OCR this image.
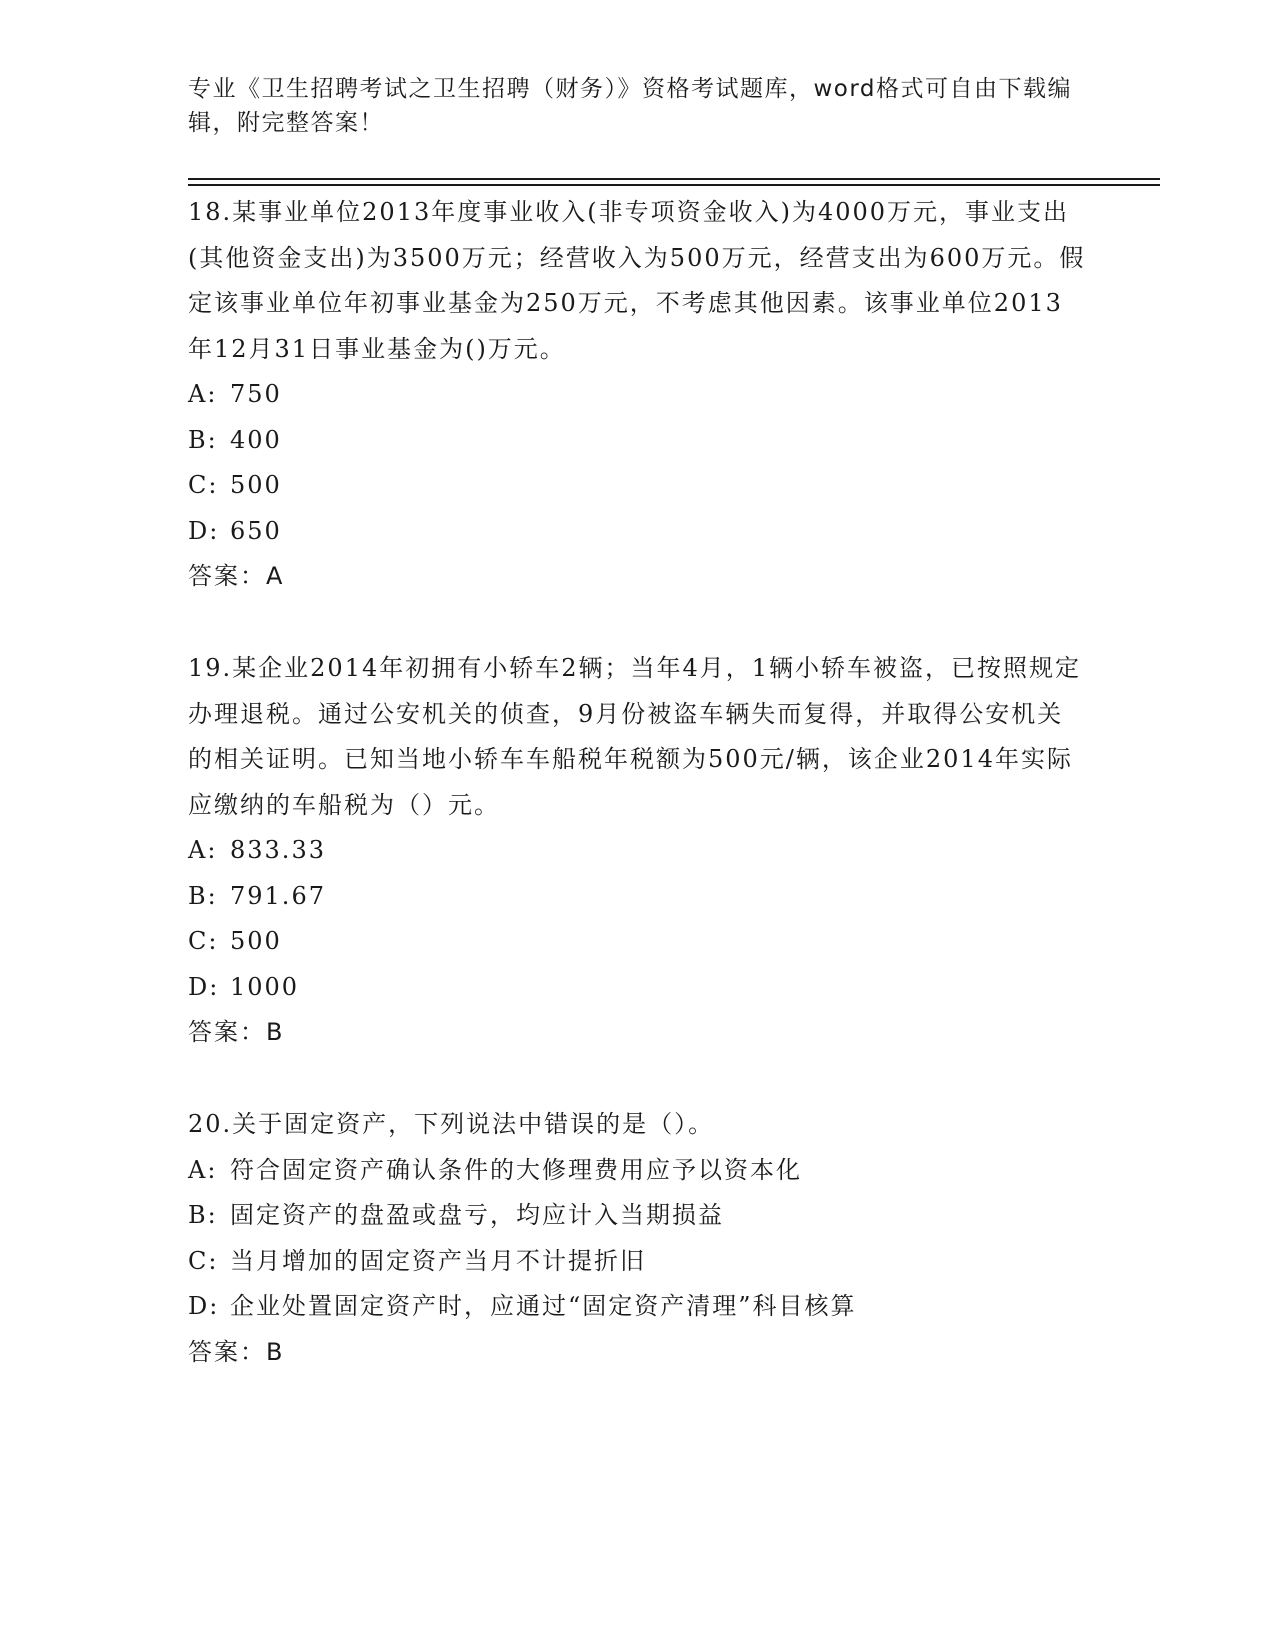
专业《卫生招聘考试之卫生招聘（财务）》资格考试题库，word格式可自由下载编辑，附完整答案！

18.某事业单位2013年度事业收入(非专项资金收入)为4000万元，事业支出(其他资金支出)为3500万元；经营收入为500万元，经营支出为600万元。假定该事业单位年初事业基金为250万元，不考虑其他因素。该事业单位2013年12月31日事业基金为()万元。

A: 750

B: 400

C: 500

D: 650

答案：A

19.某企业2014年初拥有小轿车2辆；当年4月，1辆小轿车被盗，已按照规定办理退税。通过公安机关的侦查，9月份被盗车辆失而复得，并取得公安机关的相关证明。已知当地小轿车车船税年税额为500元/辆，该企业2014年实际应缴纳的车船税为（）元。

A: 833.33

B: 791.67

C: 500

D: 1000

答案：B

20.关于固定资产，下列说法中错误的是（）。

A: 符合固定资产确认条件的大修理费用应予以资本化

B: 固定资产的盘盈或盘亏，均应计入当期损益

C: 当月增加的固定资产当月不计提折旧

D: 企业处置固定资产时，应通过“固定资产清理”科目核算

答案：B
